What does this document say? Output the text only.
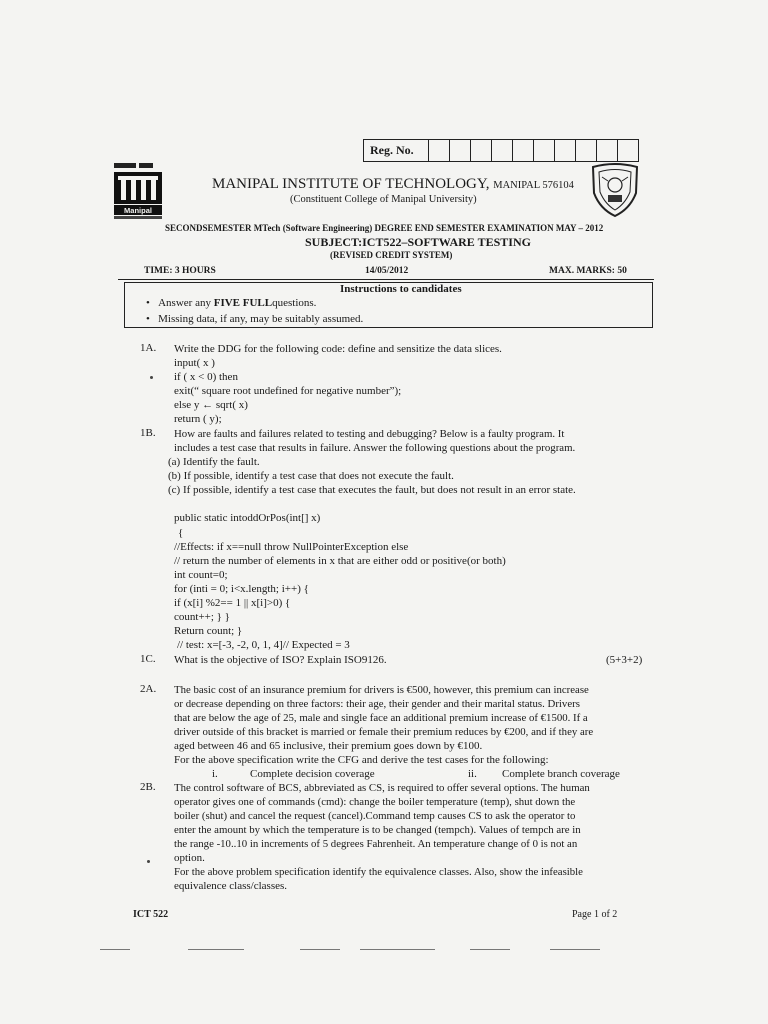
Reg. No.
Manipal
MANIPAL INSTITUTE OF TECHNOLOGY, MANIPAL 576104
(Constituent College of Manipal University)
SECONDSEMESTER MTech (Software Engineering) DEGREE END SEMESTER EXAMINATION MAY – 2012
SUBJECT:ICT522–SOFTWARE TESTING
(REVISED CREDIT SYSTEM)
TIME: 3 HOURS	14/05/2012	MAX. MARKS: 50
Instructions to candidates
•   Answer any FIVE FULLquestions.
•   Missing data, if any, may be suitably assumed.
1A. Write the DDG for the following code: define and sensitize the data slices.
input( x )
if ( x < 0) then
exit(“ square root undefined for negative number”);
else y ← sqrt( x)
return ( y);
1B. How are faults and failures related to testing and debugging? Below is a faulty program. It
includes a test case that results in failure. Answer the following questions about the program.
(a) Identify the fault.
(b) If possible, identify a test case that does not execute the fault.
(c) If possible, identify a test case that executes the fault, but does not result in an error state.
public static intoddOrPos(int[] x)
{
//Effects: if x==null throw NullPointerException else
// return the number of elements in x that are either odd or positive(or both)
int count=0;
for (inti = 0; i<x.length; i++) {
if (x[i] %2== 1 || x[i]>0) {
count++; } }
Return count; }
// test: x=[-3, -2, 0, 1, 4]// Expected = 3
1C. What is the objective of ISO? Explain ISO9126.	(5+3+2)
2A. The basic cost of an insurance premium for drivers is €500, however, this premium can increase
or decrease depending on three factors: their age, their gender and their marital status. Drivers
that are below the age of 25, male and single face an additional premium increase of €1500. If a
driver outside of this bracket is married or female their premium reduces by €200, and if they are
aged between 46 and 65 inclusive, their premium goes down by €100.
For the above specification write the CFG and derive the test cases for the following:
i.	Complete decision coverage	ii. Complete branch coverage
2B. The control software of BCS, abbreviated as CS, is required to offer several options. The human
operator gives one of commands (cmd): change the boiler temperature (temp), shut down the
boiler (shut) and cancel the request (cancel).Command temp causes CS to ask the operator to
enter the amount by which the temperature is to be changed (tempch). Values of tempch are in
the range -10..10 in increments of 5 degrees Fahrenheit. An temperature change of 0 is not an
option.
For the above problem specification identify the equivalence classes. Also, show the infeasible
equivalence class/classes.
ICT 522	Page 1 of 2
